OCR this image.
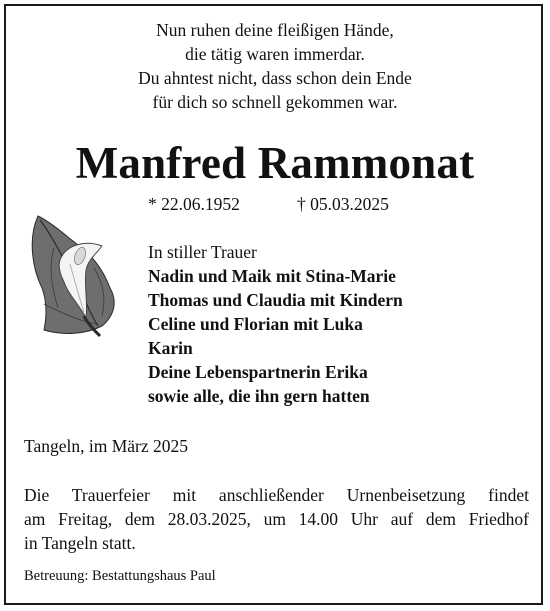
Nun ruhen deine fleißigen Hände,
die tätig waren immerdar.
Du ahntest nicht, dass schon dein Ende
für dich so schnell gekommen war.
Manfred Rammonat
* 22.06.1952	† 05.03.2025
In stiller Trauer
Nadin und Maik mit Stina-Marie
Thomas und Claudia mit Kindern
Celine und Florian mit Luka
Karin
Deine Lebenspartnerin Erika
sowie alle, die ihn gern hatten
Tangeln, im März 2025
Die Trauerfeier mit anschließender Urnenbeisetzung findet
am Freitag, dem 28.03.2025, um 14.00 Uhr auf dem Friedhof
in Tangeln statt.
Betreuung: Bestattungshaus Paul
